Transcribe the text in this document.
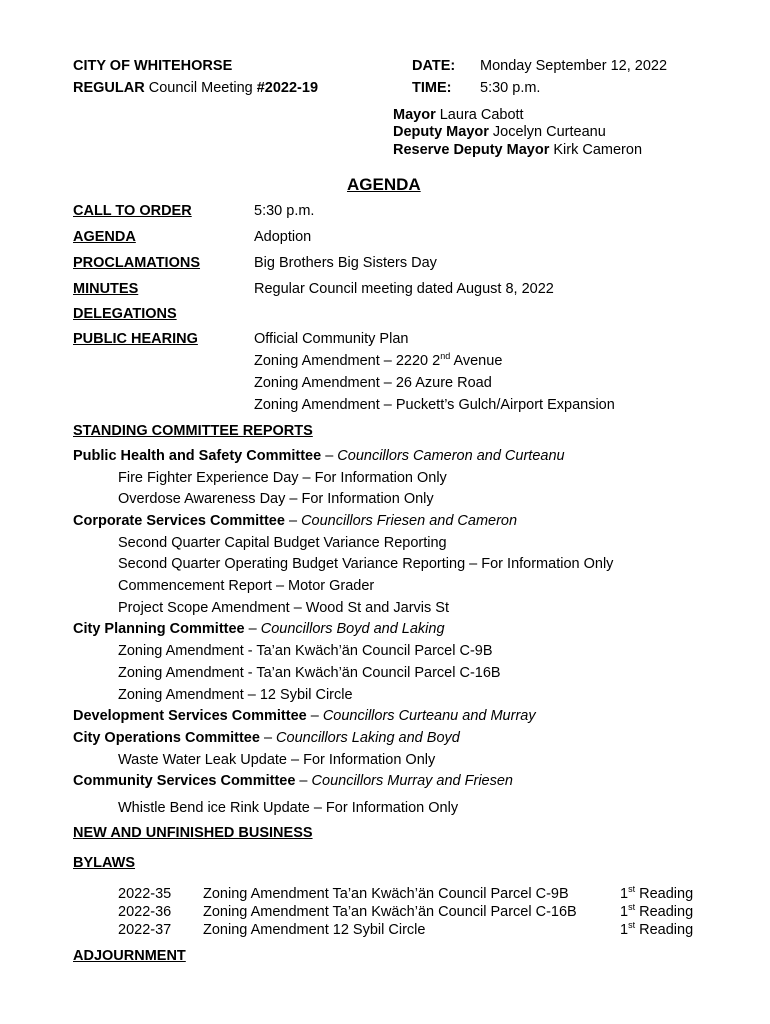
CITY OF WHITEHORSE
REGULAR Council Meeting #2022-19
DATE: Monday September 12, 2022
TIME: 5:30 p.m.
Mayor Laura Cabott
Deputy Mayor Jocelyn Curteanu
Reserve Deputy Mayor Kirk Cameron
AGENDA
CALL TO ORDER	5:30 p.m.
AGENDA	Adoption
PROCLAMATIONS	Big Brothers Big Sisters Day
MINUTES	Regular Council meeting dated August 8, 2022
DELEGATIONS
PUBLIC HEARING	Official Community Plan
Zoning Amendment – 2220 2nd Avenue
Zoning Amendment – 26 Azure Road
Zoning Amendment – Puckett’s Gulch/Airport Expansion
STANDING COMMITTEE REPORTS
Public Health and Safety Committee – Councillors Cameron and Curteanu
Fire Fighter Experience Day – For Information Only
Overdose Awareness Day – For Information Only
Corporate Services Committee – Councillors Friesen and Cameron
Second Quarter Capital Budget Variance Reporting
Second Quarter Operating Budget Variance Reporting – For Information Only
Commencement Report – Motor Grader
Project Scope Amendment – Wood St and Jarvis St
City Planning Committee – Councillors Boyd and Laking
Zoning Amendment - Ta’an Kwäch’än Council Parcel C-9B
Zoning Amendment - Ta’an Kwäch’än Council Parcel C-16B
Zoning Amendment – 12 Sybil Circle
Development Services Committee – Councillors Curteanu and Murray
City Operations Committee – Councillors Laking and Boyd
Waste Water Leak Update – For Information Only
Community Services Committee – Councillors Murray and Friesen
Whistle Bend ice Rink Update – For Information Only
NEW AND UNFINISHED BUSINESS
BYLAWS
2022-35 Zoning Amendment Ta’an Kwäch’än Council Parcel C-9B	1st Reading
2022-36 Zoning Amendment Ta’an Kwäch’än Council Parcel C-16B	1st Reading
2022-37 Zoning Amendment 12 Sybil Circle	1st Reading
ADJOURNMENT
